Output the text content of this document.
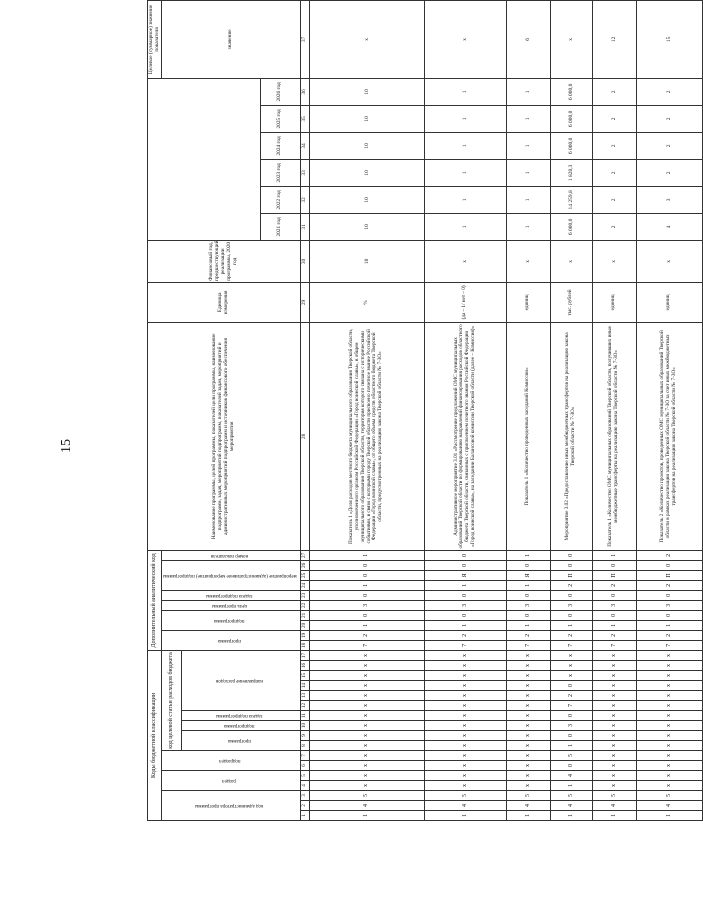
15
Коды бюджетной классификации																	Дополнительный аналитический код										Наименование программы, целей программы, показателей цели программы, наименование подпрограмм, задач, мероприятий подпрограмм, показателей задач, мероприятий и административных мероприятий подпрограмм и источников финансового обеспечения мероприятия	Единица измерения	Финансовый год, предшествующий реализации программы, 2020 год							Целевое (суммарное) значение показателя
код администратора программы			раздел		подраздел		код целевой статьи расходов бюджета										программа		подпрограмма		цель программы	задача подпрограммы	мероприятие (административное мероприятие) подпрограммы			номер показателя										значение
							программа		подпрограмма	задача подпрограммы	направление расходов																									
																														2021 год	2022 год	2023 год	2024 год	2025 год	2026 год	
1	2	3	4	5	6	7	8	9	10	11	12	13	14	15	16	17	18	19	20	21	22	23	24	25	26	27	28	29	30	31	32	33	34	35	36	37
1	4	5	x	x	x	x	x	x	x	x	x	x	x	x	x	x	7	2	1	0	3	0	1	0	0	1	Показатель 1 «Доля расходов местного бюджета муниципального образования Тверской области, уполномоченного органом Российской Федерации «Город воинской славы», в общем муниципального образования Тверской области, территория которого связана с историческими событиями, в связи с которыми городу Тверской области присвоено почетное звание Российской Федерации «Город воинской славы», от общего объема средств областного бюджета Тверской области, предусмотренных на реализацию закона Тверской области № 7-ЗО»	%	10	10	10	10	10	10	10	x
1	4	5	x	x	x	x	x	x	x	x	x	x	x	x	x	x	7	2	1	0	3	0	1	Я	0	0	Административное мероприятие 3.01 «Рассмотрение предложений ОМС муниципальных образований Тверской области по формированию направлений финансирования расходов областного бюджета Тверской области, связанных с присвоением почетного звания Российской Федерации «Город воинской славы», на заседании Балансовой комиссии Тверской области (далее – Комиссия)»	(да – 1/ нет – 0)	x	1	1	1	1	1	1	x
1	4	5	x	x	x	x	x	x	x	x	x	x	x	x	x	x	7	2	1	0	3	0	1	Я	0	1	Показатель 1 «Количество проведенных заседаний Комиссии»	единиц	x	1	1	1	1	1	1	6
1	4	5	1	4	0	5	1	0	3	0	7	2	0	x	x	x	7	2	1	0	3	0	2	П	0	0	Мероприятие 3.02 «Предоставление иных межбюджетных трансфертов на реализацию закона Тверской области № 7-ЗО»	тыс. рублей	x	6 000,0	14 259,8	1 820,3	6 000,0	6 000,0	6 000,0	x
1	4	5	x	x	x	x	x	x	x	x	x	x	x	x	x	x	7	2	1	0	3	0	2	П	0	1	Показатель 1 «Количество ОМС муниципальных образований Тверской области, получивших иные межбюджетные трансферты на реализацию закона Тверской области № 7-ЗО»	единиц	x	2	2	2	2	2	2	12
1	4	5	x	x	x	x	x	x	x	x	x	x	x	x	x	x	7	2	1	0	3	0	2	П	0	2	Показатель 2 «Количество проектов, проведенных ОМС муниципальных образований Тверской области в рамках реализации закона Тверской области № 7-ЗО за счет иных межбюджетных трансфертов на реализацию закона Тверской области № 7-ЗО»	единиц	x	4	3	2	2	2	2	15
